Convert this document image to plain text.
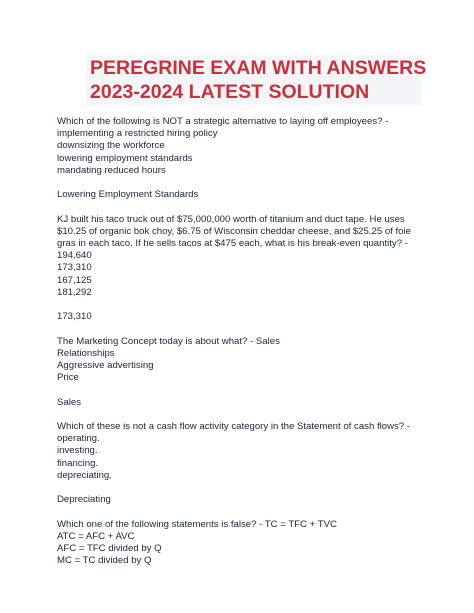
PEREGRINE EXAM WITH ANSWERS
2023-2024 LATEST SOLUTION

Which of the following is NOT a strategic alternative to laying off employees? -

implementing a restricted hiring policy

downsizing the workforce

lowering employment standards

mandating reduced hours

Lowering Employment Standards

KJ built his taco truck out of $75,000,000 worth of titanium and duct tape. He uses

$10.25 of organic bok choy, $6.75 of Wisconsin cheddar cheese, and $25.25 of foie

gras in each taco. If he sells tacos at $475 each, what is his break-even quantity? -

194,640

173,310

167,125

181,292

173,310

The Marketing Concept today is about what? - Sales

Relationships

Aggressive advertising

Price

Sales

Which of these is not a cash flow activity category in the Statement of cash flows? -

operating.

investing.

financing.

depreciating.

Depreciating

Which one of the following statements is false? - TC = TFC + TVC

ATC = AFC + AVC

AFC = TFC divided by Q

MC = TC divided by Q
